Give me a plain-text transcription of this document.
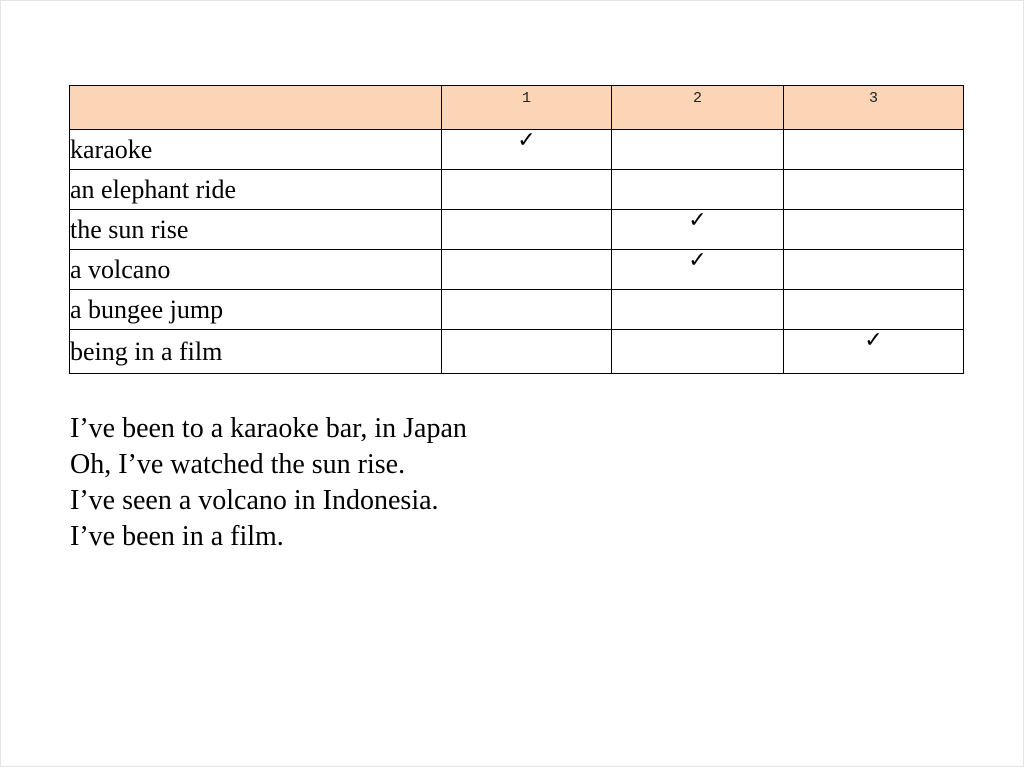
	1	2	3
karaoke	✓		
an elephant ride			
the sun rise		✓	
a volcano		✓	
a bungee jump			
being in a film			✓
I’ve been to a karaoke bar, in Japan
Oh, I’ve watched the sun rise.
I’ve seen a volcano in Indonesia.
I’ve been in a film.
